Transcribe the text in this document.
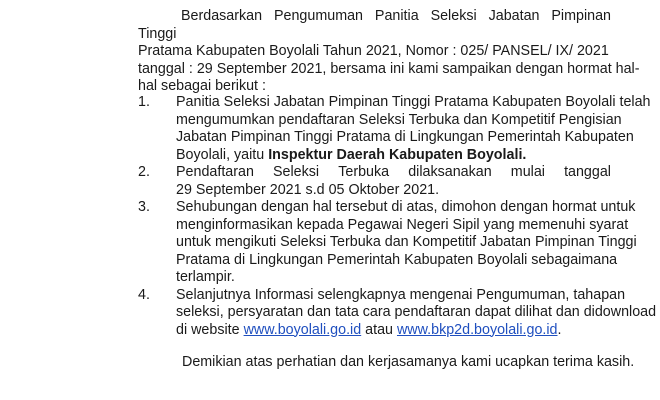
Berdasarkan Pengumuman Panitia Seleksi Jabatan Pimpinan Tinggi
Pratama Kabupaten Boyolali Tahun 2021, Nomor : 025/ PANSEL/ IX/ 2021
tanggal : 29 September 2021, bersama ini kami sampaikan dengan hormat hal-
hal sebagai berikut :
1.	Panitia Seleksi Jabatan Pimpinan Tinggi Pratama Kabupaten Boyolali telah
mengumumkan pendaftaran Seleksi Terbuka dan Kompetitif Pengisian
Jabatan Pimpinan Tinggi Pratama di Lingkungan Pemerintah Kabupaten
Boyolali, yaitu Inspektur Daerah Kabupaten Boyolali.
2.	Pendaftaran Seleksi Terbuka dilaksanakan mulai tanggal
29 September 2021 s.d 05 Oktober 2021.
3.	Sehubungan dengan hal tersebut di atas, dimohon dengan hormat untuk
menginformasikan kepada Pegawai Negeri Sipil yang memenuhi syarat
untuk mengikuti Seleksi Terbuka dan Kompetitif Jabatan Pimpinan Tinggi
Pratama di Lingkungan Pemerintah Kabupaten Boyolali sebagaimana
terlampir.
4.	Selanjutnya Informasi selengkapnya mengenai Pengumuman, tahapan
seleksi, persyaratan dan tata cara pendaftaran dapat dilihat dan didownload
di website www.boyolali.go.id atau www.bkp2d.boyolali.go.id.

Demikian atas perhatian dan kerjasamanya kami ucapkan terima kasih.
